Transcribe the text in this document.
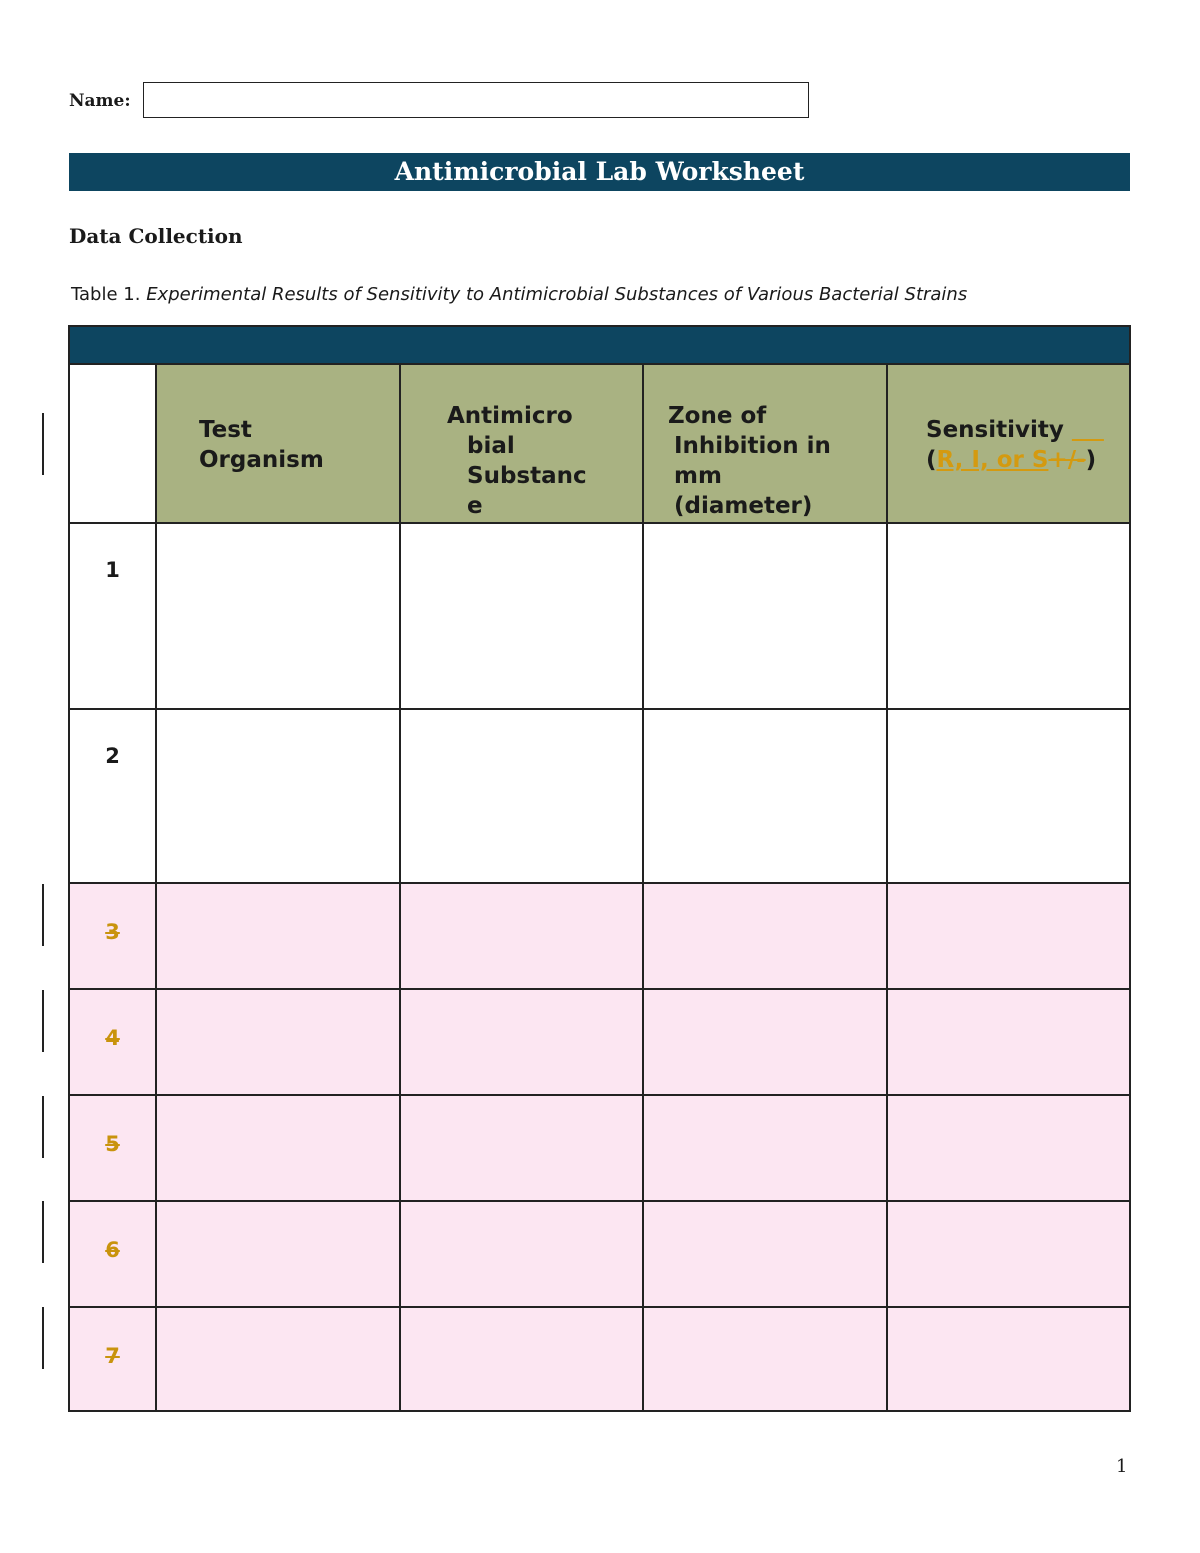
Name:
Antimicrobial Lab Worksheet
Data Collection
Table 1. Experimental Results of Sensitivity to Antimicrobial Substances of Various Bacterial Strains
Test
Organism
Antimicro
bial
Substanc
e
Zone of
Inhibition in
mm
(diameter)
Sensitivity
(R, I, or S+/-)
1
2
3
4
5
6
7
1
